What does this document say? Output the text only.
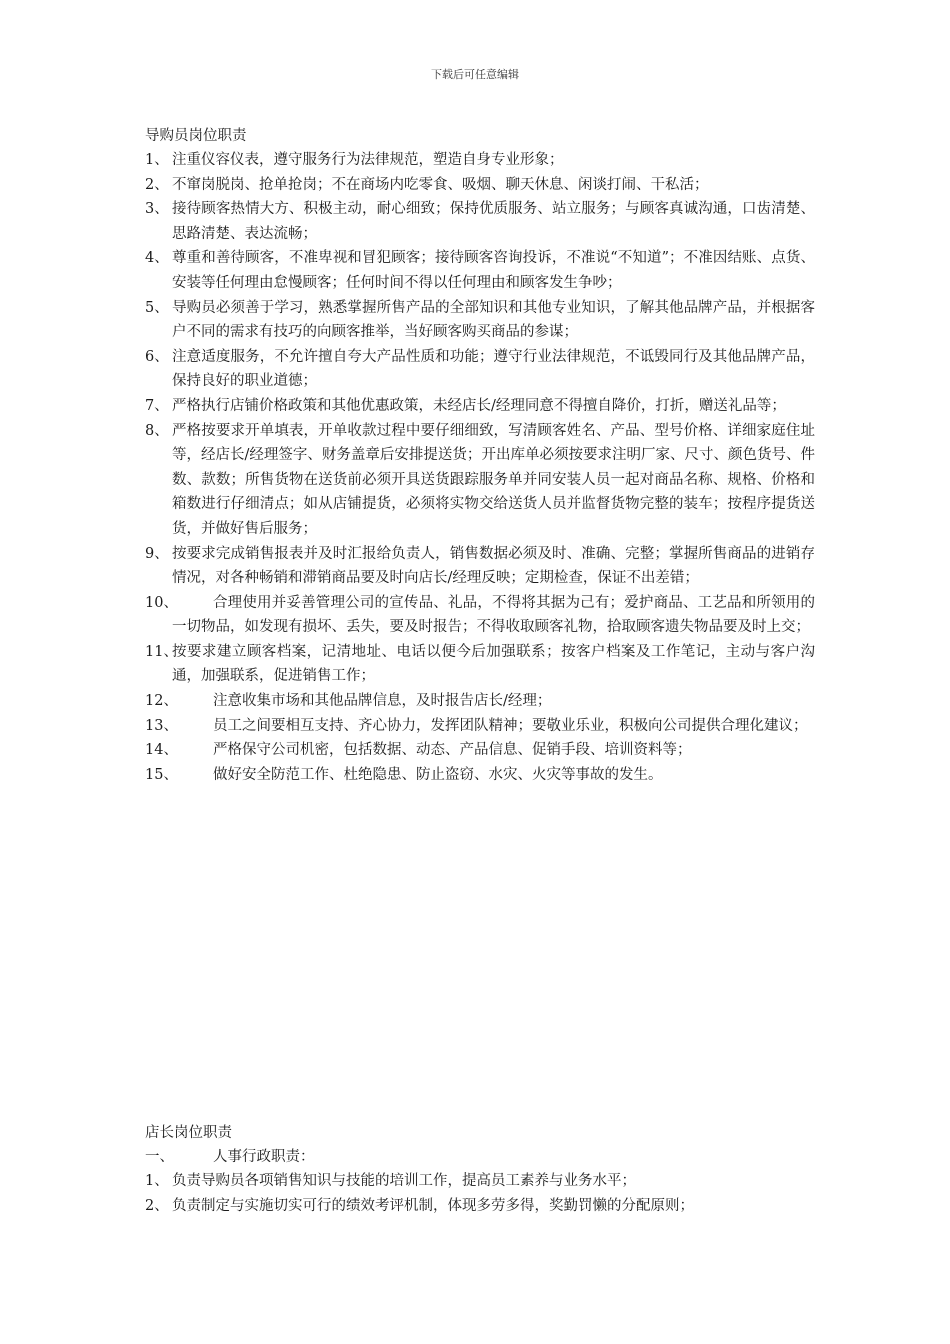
下载后可任意编辑
导购员岗位职责
1、 注重仪容仪表，遵守服务行为法律规范，塑造自身专业形象；
2、 不窜岗脱岗、抢单抢岗；不在商场内吃零食、吸烟、聊天休息、闲谈打闹、干私活；
3、 接待顾客热情大方、积极主动，耐心细致；保持优质服务、站立服务；与顾客真诚沟通，口齿清楚、思路清楚、表达流畅；
4、 尊重和善待顾客，不准卑视和冒犯顾客；接待顾客咨询投诉，不准说“不知道”；不准因结账、点货、安装等任何理由怠慢顾客；任何时间不得以任何理由和顾客发生争吵；
5、 导购员必须善于学习，熟悉掌握所售产品的全部知识和其他专业知识，了解其他品牌产品，并根据客户不同的需求有技巧的向顾客推举，当好顾客购买商品的参谋；
6、 注意适度服务，不允许擅自夸大产品性质和功能；遵守行业法律规范，不诋毁同行及其他品牌产品，保持良好的职业道德；
7、 严格执行店铺价格政策和其他优惠政策，未经店长/经理同意不得擅自降价，打折，赠送礼品等；
8、 严格按要求开单填表，开单收款过程中要仔细细致，写清顾客姓名、产品、型号价格、详细家庭住址等，经店长/经理签字、财务盖章后安排提送货；开出库单必须按要求注明厂家、尺寸、颜色货号、件数、款数；所售货物在送货前必须开具送货跟踪服务单并同安装人员一起对商品名称、规格、价格和箱数进行仔细清点；如从店铺提货，必须将实物交给送货人员并监督货物完整的装车；按程序提货送货，并做好售后服务；
9、 按要求完成销售报表并及时汇报给负责人，销售数据必须及时、准确、完整；掌握所售商品的进销存情况，对各种畅销和滞销商品要及时向店长/经理反映；定期检查，保证不出差错；
10、	合理使用并妥善管理公司的宣传品、礼品，不得将其据为己有；爱护商品、工艺品和所领用的一切物品，如发现有损坏、丢失，要及时报告；不得收取顾客礼物，拾取顾客遗失物品要及时上交；
11、
按要求建立顾客档案，记清地址、电话以便今后加强联系；按客户档案及工作笔记，主动与客户沟通，加强联系，促进销售工作；
12、	注意收集市场和其他品牌信息，及时报告店长/经理；
13、	员工之间要相互支持、齐心协力，发挥团队精神；要敬业乐业，积极向公司提供合理化建议；
14、	严格保守公司机密，包括数据、动态、产品信息、促销手段、培训资料等；
15、	做好安全防范工作、杜绝隐患、防止盗窃、水灾、火灾等事故的发生。
店长岗位职责
一、	人事行政职责：
1、 负责导购员各项销售知识与技能的培训工作，提高员工素养与业务水平；
2、 负责制定与实施切实可行的绩效考评机制，体现多劳多得，奖勤罚懒的分配原则；
